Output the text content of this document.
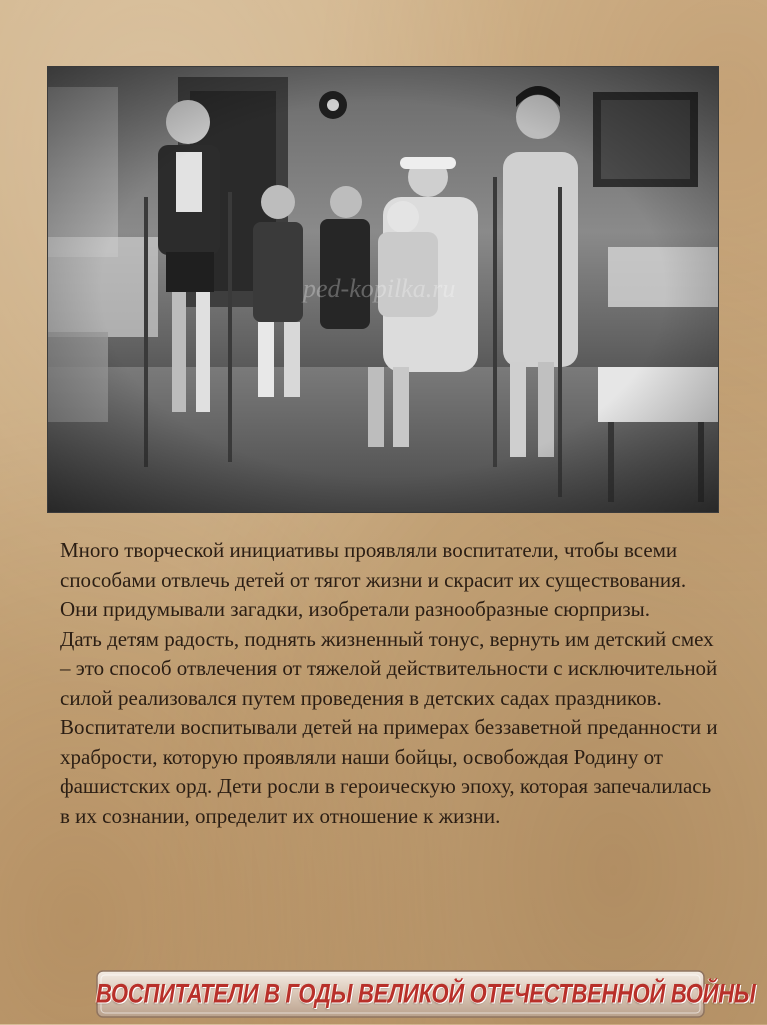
Много творческой инициативы проявляли воспитатели, чтобы всеми способами отвлечь детей от тягот жизни и скрасит их существования. Они придумывали загадки, изобретали разнообразные сюрпризы.

Дать детям радость, поднять жизненный тонус, вернуть им детский смех – это способ отвлечения от тяжелой действительности с исключительной силой реализовался путем проведения в детских садах праздников.

Воспитатели воспитывали детей на примерах беззаветной преданности и храбрости, которую проявляли наши бойцы, освобождая Родину от фашистских орд. Дети росли в героическую эпоху, которая запечалилась в их сознании, определит их отношение к жизни.

ВОСПИТАТЕЛИ В ГОДЫ ВЕЛИКОЙ ОТЕЧЕСТВЕННОЙ ВОЙНЫ
